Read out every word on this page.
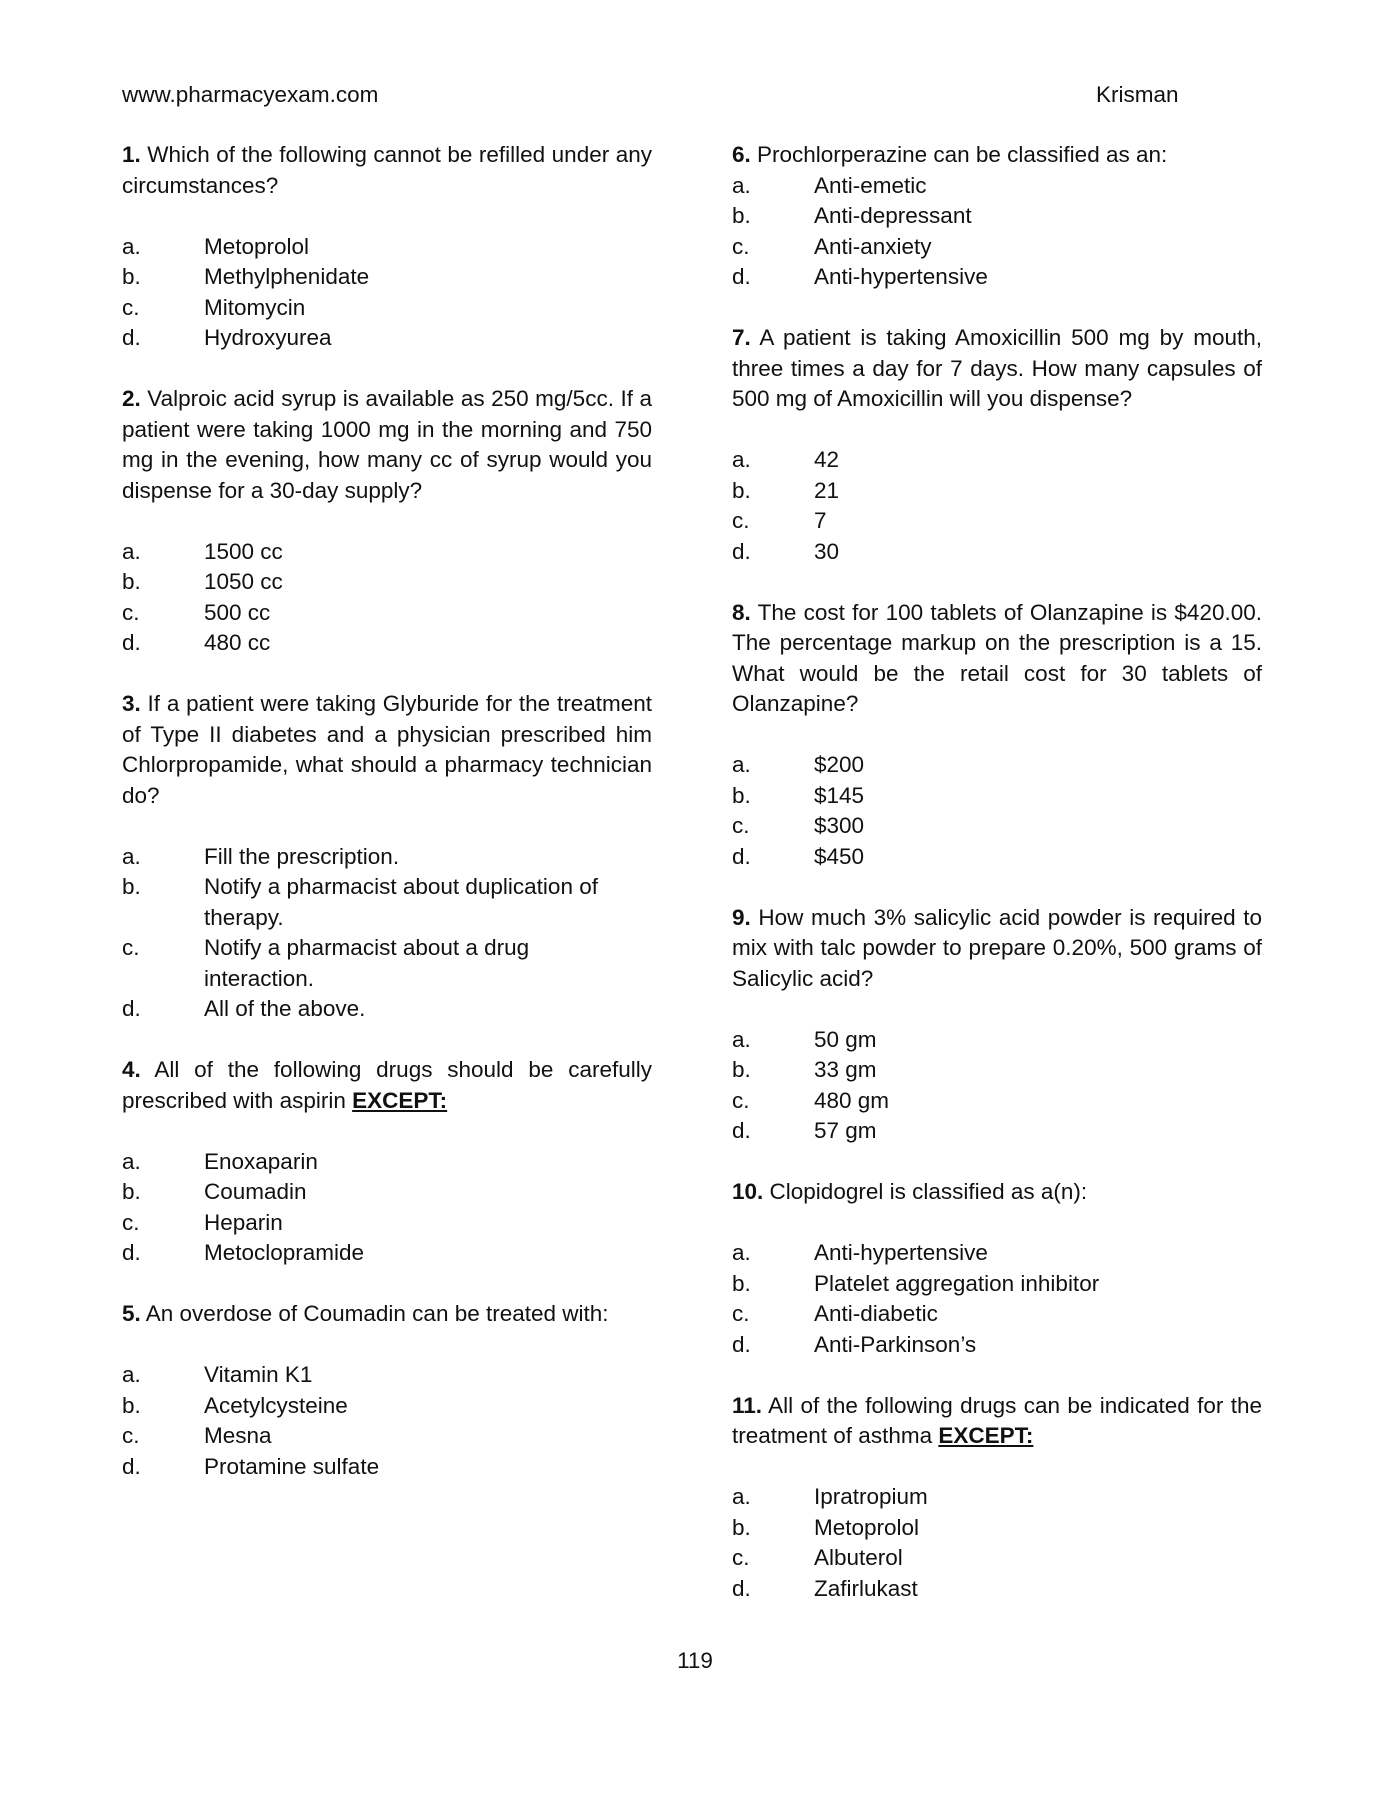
www.pharmacyexam.com	Krisman

1. Which of the following cannot be refilled under any circumstances?

a.	Metoprolol
b.	Methylphenidate
c.	Mitomycin
d.	Hydroxyurea

2. Valproic acid syrup is available as 250 mg/5cc. If a patient were taking 1000 mg in the morning and 750 mg in the evening, how many cc of syrup would you dispense for a 30-day supply?

a.	1500 cc
b.	1050 cc
c.	500 cc
d.	480 cc

3. If a patient were taking Glyburide for the treatment of Type II diabetes and a physician prescribed him Chlorpropamide, what should a pharmacy technician do?

a.	Fill the prescription.
b.	Notify a pharmacist about duplication of therapy.
c.	Notify a pharmacist about a drug interaction.
d.	All of the above.

4. All of the following drugs should be carefully prescribed with aspirin EXCEPT:

a.	Enoxaparin
b.	Coumadin
c.	Heparin
d.	Metoclopramide

5. An overdose of Coumadin can be treated with:

a.	Vitamin K1
b.	Acetylcysteine
c.	Mesna
d.	Protamine sulfate

6. Prochlorperazine can be classified as an:

a.	Anti-emetic
b.	Anti-depressant
c.	Anti-anxiety
d.	Anti-hypertensive

7. A patient is taking Amoxicillin 500 mg by mouth, three times a day for 7 days. How many capsules of 500 mg of Amoxicillin will you dispense?

a.	42
b.	21
c.	7
d.	30

8. The cost for 100 tablets of Olanzapine is $420.00. The percentage markup on the prescription is a 15. What would be the retail cost for 30 tablets of Olanzapine?

a.	$200
b.	$145
c.	$300
d.	$450

9. How much 3% salicylic acid powder is required to mix with talc powder to prepare 0.20%, 500 grams of Salicylic acid?

a.	50 gm
b.	33 gm
c.	480 gm
d.	57 gm

10. Clopidogrel is classified as a(n):

a.	Anti-hypertensive
b.	Platelet aggregation inhibitor
c.	Anti-diabetic
d.	Anti-Parkinson’s

11. All of the following drugs can be indicated for the treatment of asthma EXCEPT:

a.	Ipratropium
b.	Metoprolol
c.	Albuterol
d.	Zafirlukast
119
